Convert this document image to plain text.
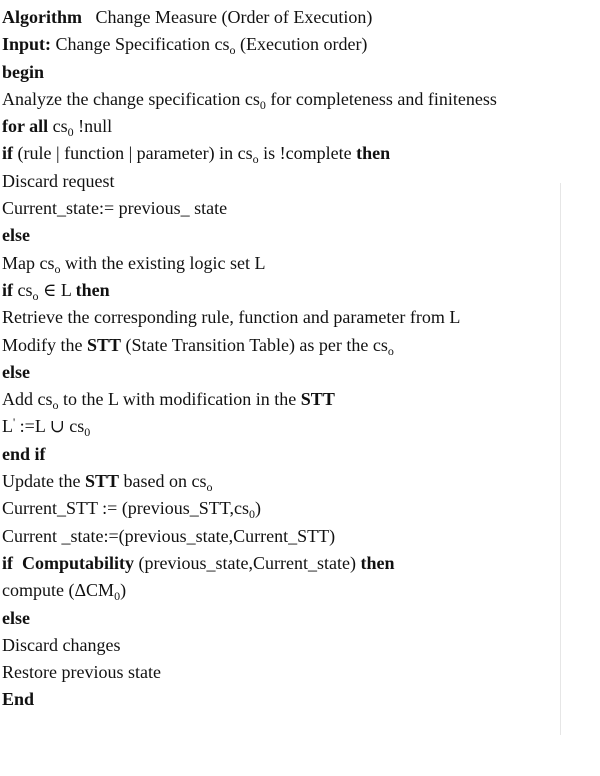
Algorithm Change Measure (Order of Execution)
Input: Change Specification $cs_o$ (Execution order)
begin
Analyze the change specification $cs_0$ for completeness and finiteness
for all $cs_0$ !null
if (rule | function | parameter) in $cs_o$ is !complete then
Discard request
Current_state:= previous_ state
else
Map $cs_o$ with the existing logic set L
if $cs_o$ ∈ L then
Retrieve the corresponding rule, function and parameter from L
Modify the STT (State Transition Table) as per the $cs_o$
else
Add $cs_o$ to the L with modification in the STT
L' :=L ∪ $cs_0$
end if
Update the STT based on $cs_o$
Current_STT := $(previous\_STT,cs_0)$
Current _state:=(previous_state,Current_STT)
if Computability (previous_state,Current_state) then
compute $(\Delta CM_0)$
else
Discard changes
Restore previous state
End
